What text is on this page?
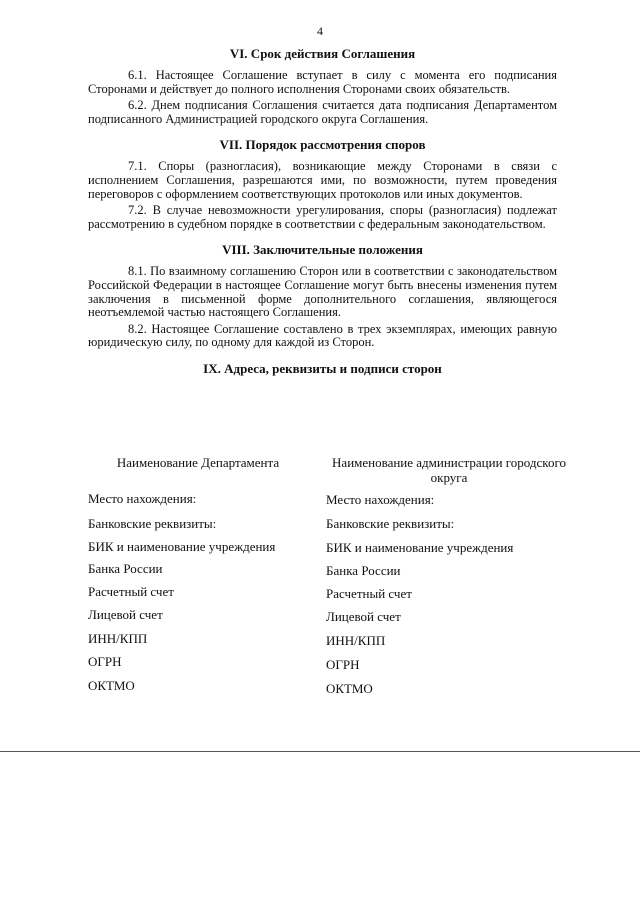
4
VI. Срок действия Соглашения

6.1. Настоящее Соглашение вступает в силу с момента его подписания Сторонами и действует до полного исполнения Сторонами своих обязательств.

6.2. Днем подписания Соглашения считается дата подписания Департаментом подписанного Администрацией городского округа Соглашения.

VII. Порядок рассмотрения споров

7.1. Споры (разногласия), возникающие между Сторонами в связи с исполнением Соглашения, разрешаются ими, по возможности, путем проведения переговоров с оформлением соответствующих протоколов или иных документов.

7.2. В случае невозможности урегулирования, споры (разногласия) подлежат рассмотрению в судебном порядке в соответствии с федеральным законодательством.

VIII. Заключительные положения

8.1. По взаимному соглашению Сторон или в соответствии с законодательством Российской Федерации в настоящее Соглашение могут быть внесены изменения путем заключения в письменной форме дополнительного соглашения, являющегося неотъемлемой частью настоящего Соглашения.

8.2. Настоящее Соглашение составлено в трех экземплярах, имеющих равную юридическую силу, по одному для каждой из Сторон.

IX. Адреса, реквизиты и подписи сторон
Наименование Департамента
Место нахождения:
Банковские реквизиты:
БИК и наименование учреждения
Банка России
Расчетный счет
Лицевой счет
ИНН/КПП
ОГРН
ОКТМО
Наименование администрации городского округа
Место нахождения:
Банковские реквизиты:
БИК и наименование учреждения
Банка России
Расчетный счет
Лицевой счет
ИНН/КПП
ОГРН
ОКТМО
